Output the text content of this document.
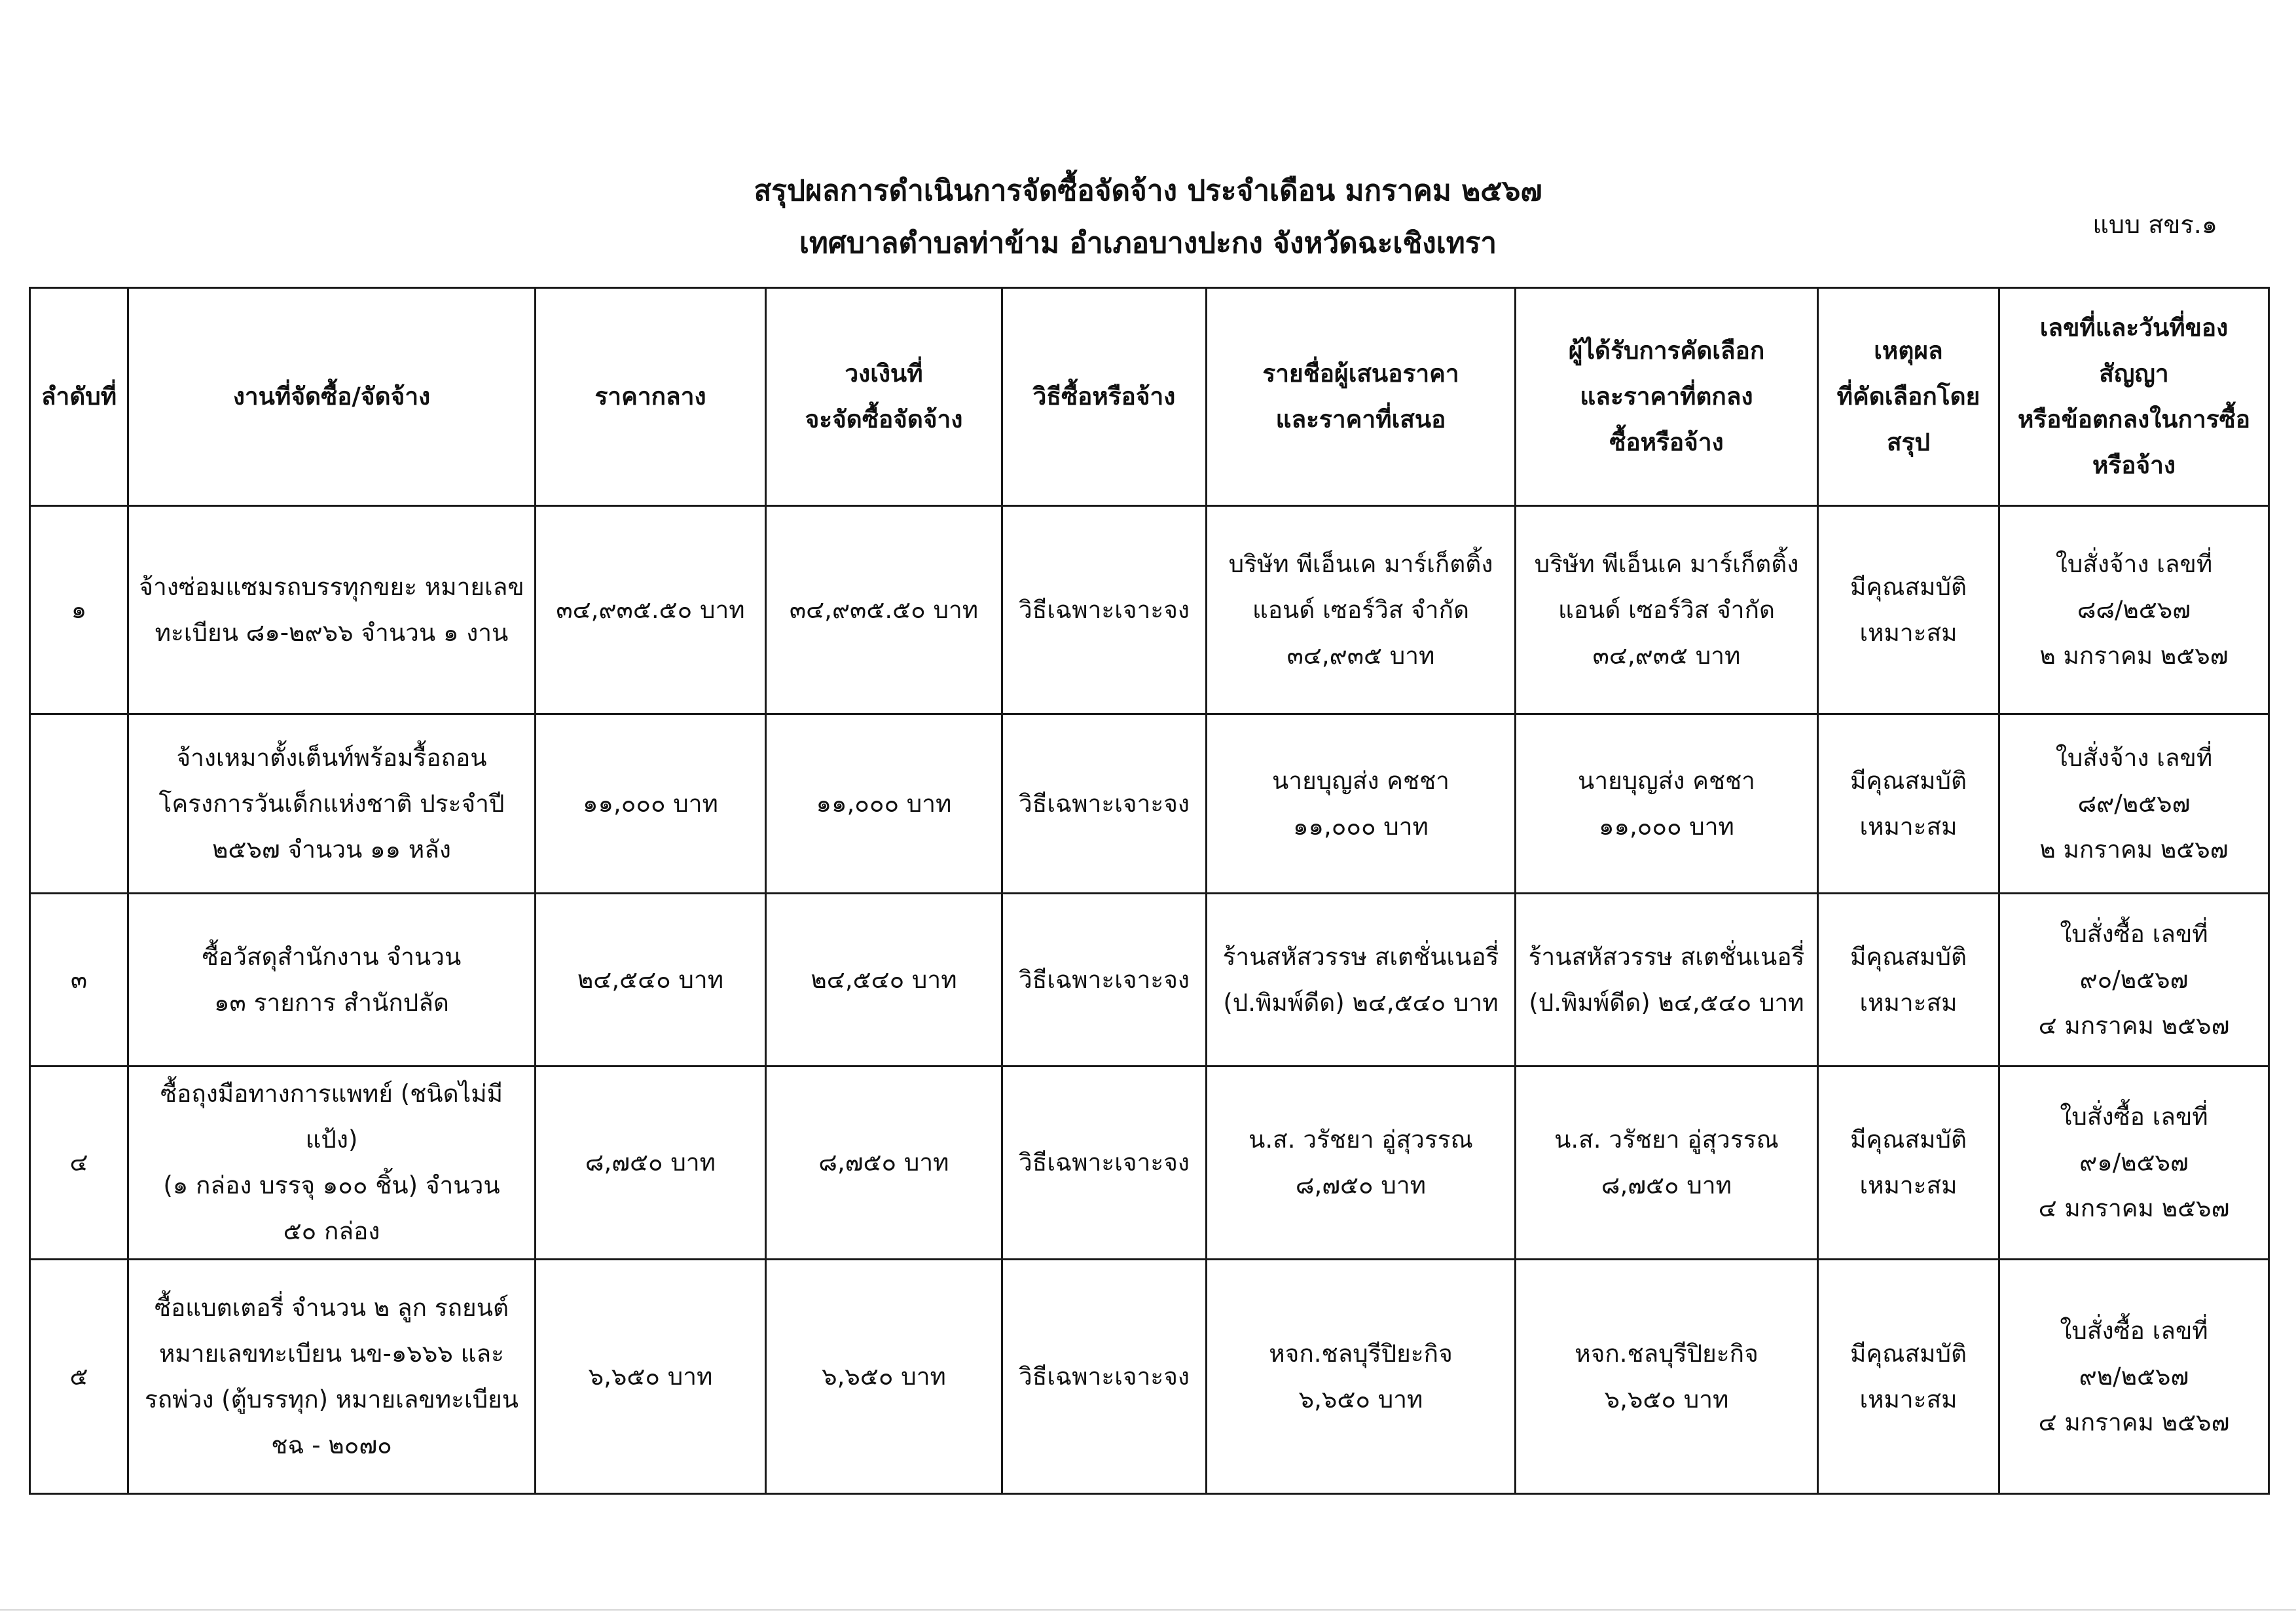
สรุปผลการดำเนินการจัดซื้อจัดจ้าง ประจำเดือน มกราคม ๒๕๖๗
เทศบาลตำบลท่าข้าม อำเภอบางปะกง จังหวัดฉะเชิงเทรา
แบบ สขร.๑
ลำดับที่	งานที่จัดซื้อ/จัดจ้าง	ราคากลาง	วงเงินที่
จะจัดซื้อจัดจ้าง	วิธีซื้อหรือจ้าง	รายชื่อผู้เสนอราคา
และราคาที่เสนอ	ผู้ได้รับการคัดเลือก
และราคาที่ตกลง
ซื้อหรือจ้าง	เหตุผล
ที่คัดเลือกโดย
สรุป	เลขที่และวันที่ของ
สัญญา
หรือข้อตกลงในการซื้อ
หรือจ้าง

๑	จ้างซ่อมแซมรถบรรทุกขยะ หมายเลข
ทะเบียน ๘๑-๒๙๖๖ จำนวน ๑ งาน	๓๔,๙๓๕.๕๐ บาท	๓๔,๙๓๕.๕๐ บาท	วิธีเฉพาะเจาะจง	บริษัท พีเอ็นเค มาร์เก็ตติ้ง
แอนด์ เซอร์วิส จำกัด
๓๔,๙๓๕ บาท	บริษัท พีเอ็นเค มาร์เก็ตติ้ง
แอนด์ เซอร์วิส จำกัด
๓๔,๙๓๕ บาท	มีคุณสมบัติ
เหมาะสม	ใบสั่งจ้าง เลขที่
๘๘/๒๕๖๗
๒ มกราคม ๒๕๖๗

	จ้างเหมาตั้งเต็นท์พร้อมรื้อถอน
โครงการวันเด็กแห่งชาติ ประจำปี
๒๕๖๗ จำนวน ๑๑ หลัง	๑๑,๐๐๐ บาท	๑๑,๐๐๐ บาท	วิธีเฉพาะเจาะจง	นายบุญส่ง คชชา
๑๑,๐๐๐ บาท	นายบุญส่ง คชชา
๑๑,๐๐๐ บาท	มีคุณสมบัติ
เหมาะสม	ใบสั่งจ้าง เลขที่
๘๙/๒๕๖๗
๒ มกราคม ๒๕๖๗

๓	ซื้อวัสดุสำนักงาน จำนวน
๑๓ รายการ สำนักปลัด	๒๔,๕๔๐ บาท	๒๔,๕๔๐ บาท	วิธีเฉพาะเจาะจง	ร้านสหัสวรรษ สเตชั่นเนอรี่
(ป.พิมพ์ดีด) ๒๔,๕๔๐ บาท	ร้านสหัสวรรษ สเตชั่นเนอรี่
(ป.พิมพ์ดีด) ๒๔,๕๔๐ บาท	มีคุณสมบัติ
เหมาะสม	ใบสั่งซื้อ เลขที่
๙๐/๒๕๖๗
๔ มกราคม ๒๕๖๗

๔	ซื้อถุงมือทางการแพทย์ (ชนิดไม่มีแป้ง)
(๑ กล่อง บรรจุ ๑๐๐ ชิ้น) จำนวน
๕๐ กล่อง	๘,๗๕๐ บาท	๘,๗๕๐ บาท	วิธีเฉพาะเจาะจง	น.ส. วรัชยา อู่สุวรรณ
๘,๗๕๐ บาท	น.ส. วรัชยา อู่สุวรรณ
๘,๗๕๐ บาท	มีคุณสมบัติ
เหมาะสม	ใบสั่งซื้อ เลขที่
๙๑/๒๕๖๗
๔ มกราคม ๒๕๖๗

๕	ซื้อแบตเตอรี่ จำนวน ๒ ลูก รถยนต์
หมายเลขทะเบียน นข-๑๖๖๖ และ
รถพ่วง (ตู้บรรทุก) หมายเลขทะเบียน
ชฉ - ๒๐๗๐	๖,๖๕๐ บาท	๖,๖๕๐ บาท	วิธีเฉพาะเจาะจง	หจก.ชลบุรีปิยะกิจ
๖,๖๕๐ บาท	หจก.ชลบุรีปิยะกิจ
๖,๖๕๐ บาท	มีคุณสมบัติ
เหมาะสม	ใบสั่งซื้อ เลขที่
๙๒/๒๕๖๗
๔ มกราคม ๒๕๖๗
